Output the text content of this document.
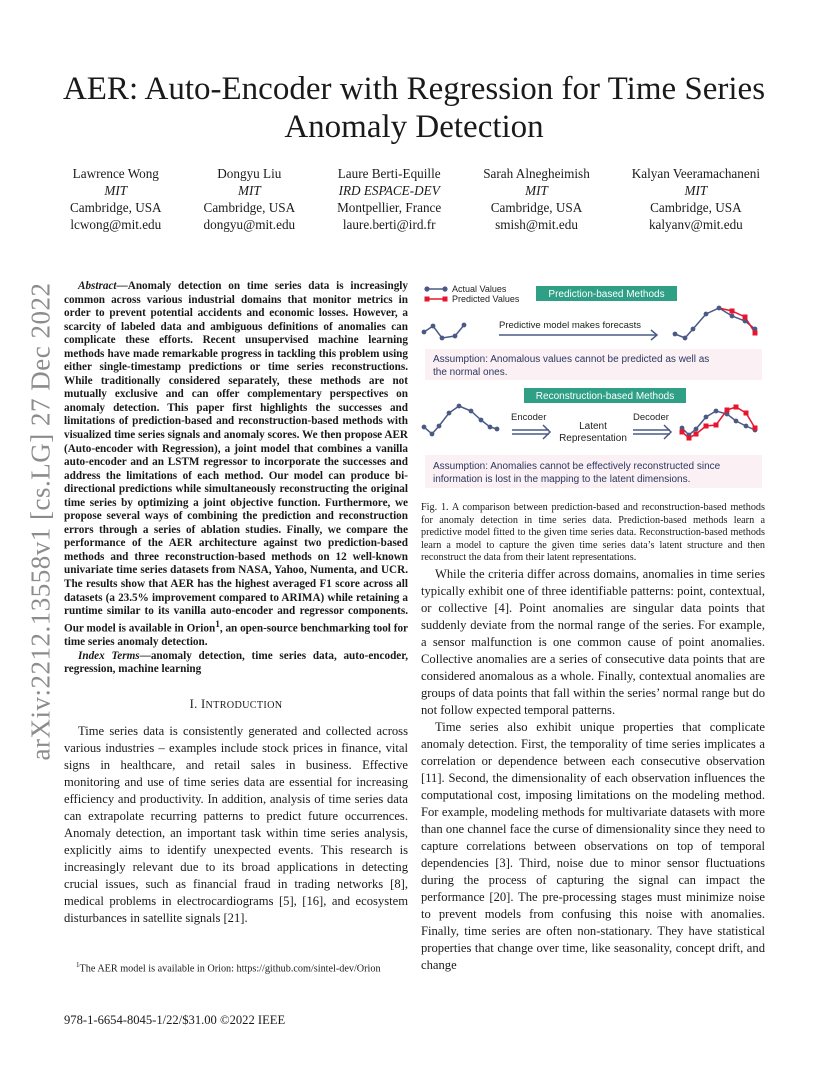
arXiv:2212.13558v1 [cs.LG] 27 Dec 2022
AER: Auto-Encoder with Regression for Time Series Anomaly Detection
Lawrence Wong
MIT
Cambridge, USA
lcwong@mit.edu
Dongyu Liu
MIT
Cambridge, USA
dongyu@mit.edu
Laure Berti-Equille
IRD ESPACE-DEV
Montpellier, France
laure.berti@ird.fr
Sarah Alnegheimish
MIT
Cambridge, USA
smish@mit.edu
Kalyan Veeramachaneni
MIT
Cambridge, USA
kalyanv@mit.edu

Abstract—Anomaly detection on time series data is increasingly common across various industrial domains that monitor metrics in order to prevent potential accidents and economic losses. However, a scarcity of labeled data and ambiguous definitions of anomalies can complicate these efforts. Recent unsupervised machine learning methods have made remarkable progress in tackling this problem using either single-timestamp predictions or time series reconstructions. While traditionally considered separately, these methods are not mutually exclusive and can offer complementary perspectives on anomaly detection. This paper first highlights the successes and limitations of prediction-based and reconstruction-based methods with visualized time series signals and anomaly scores. We then propose AER (Auto-encoder with Regression), a joint model that combines a vanilla auto-encoder and an LSTM regressor to incorporate the successes and address the limitations of each method. Our model can produce bi-directional predictions while simultaneously reconstructing the original time series by optimizing a joint objective function. Furthermore, we propose several ways of combining the prediction and reconstruction errors through a series of ablation studies. Finally, we compare the performance of the AER architecture against two prediction-based methods and three reconstruction-based methods on 12 well-known univariate time series datasets from NASA, Yahoo, Numenta, and UCR. The results show that AER has the highest averaged F1 score across all datasets (a 23.5% improvement compared to ARIMA) while retaining a runtime similar to its vanilla auto-encoder and regressor components. Our model is available in Orion$^1$, an open-source benchmarking tool for time series anomaly detection.

Index Terms—anomaly detection, time series data, auto-encoder, regression, machine learning

I. INTRODUCTION

Time series data is consistently generated and collected across various industries – examples include stock prices in finance, vital signs in healthcare, and retail sales in business. Effective monitoring and use of time series data are essential for increasing efficiency and productivity. In addition, analysis of time series data can extrapolate recurring patterns to predict future occurrences. Anomaly detection, an important task within time series analysis, explicitly aims to identify unexpected events. This research is increasingly relevant due to its broad applications in detecting crucial issues, such as financial fraud in trading networks [8], medical problems in electrocardiograms [5], [16], and ecosystem disturbances in satellite signals [21].

$^1$The AER model is available in Orion: https://github.com/sintel-dev/Orion
978-1-6654-8045-1/22/$31.00 ©2022 IEEE
Actual Values
Predicted Values	Prediction-based Methods
Predictive model makes forecasts
Assumption: Anomalous values cannot be predicted as well as
the normal ones.
Reconstruction-based Methods
Encoder
Latent
Representation
Decoder
Assumption: Anomalies cannot be effectively reconstructed since
information is lost in the mapping to the latent dimensions.

Fig. 1. A comparison between prediction-based and reconstruction-based methods for anomaly detection in time series data. Prediction-based methods learn a predictive model fitted to the given time series data. Reconstruction-based methods learn a model to capture the given time series data’s latent structure and then reconstruct the data from their latent representations.

While the criteria differ across domains, anomalies in time series typically exhibit one of three identifiable patterns: point, contextual, or collective [4]. Point anomalies are singular data points that suddenly deviate from the normal range of the series. For example, a sensor malfunction is one common cause of point anomalies. Collective anomalies are a series of consecutive data points that are considered anomalous as a whole. Finally, contextual anomalies are groups of data points that fall within the series’ normal range but do not follow expected temporal patterns.

Time series also exhibit unique properties that complicate anomaly detection. First, the temporality of time series implicates a correlation or dependence between each consecutive observation [11]. Second, the dimensionality of each observation influences the computational cost, imposing limitations on the modeling method. For example, modeling methods for multivariate datasets with more than one channel face the curse of dimensionality since they need to capture correlations between observations on top of temporal dependencies [3]. Third, noise due to minor sensor fluctuations during the process of capturing the signal can impact the performance [20]. The pre-processing stages must minimize noise to prevent models from confusing this noise with anomalies. Finally, time series are often non-stationary. They have statistical properties that change over time, like seasonality, concept drift, and change
